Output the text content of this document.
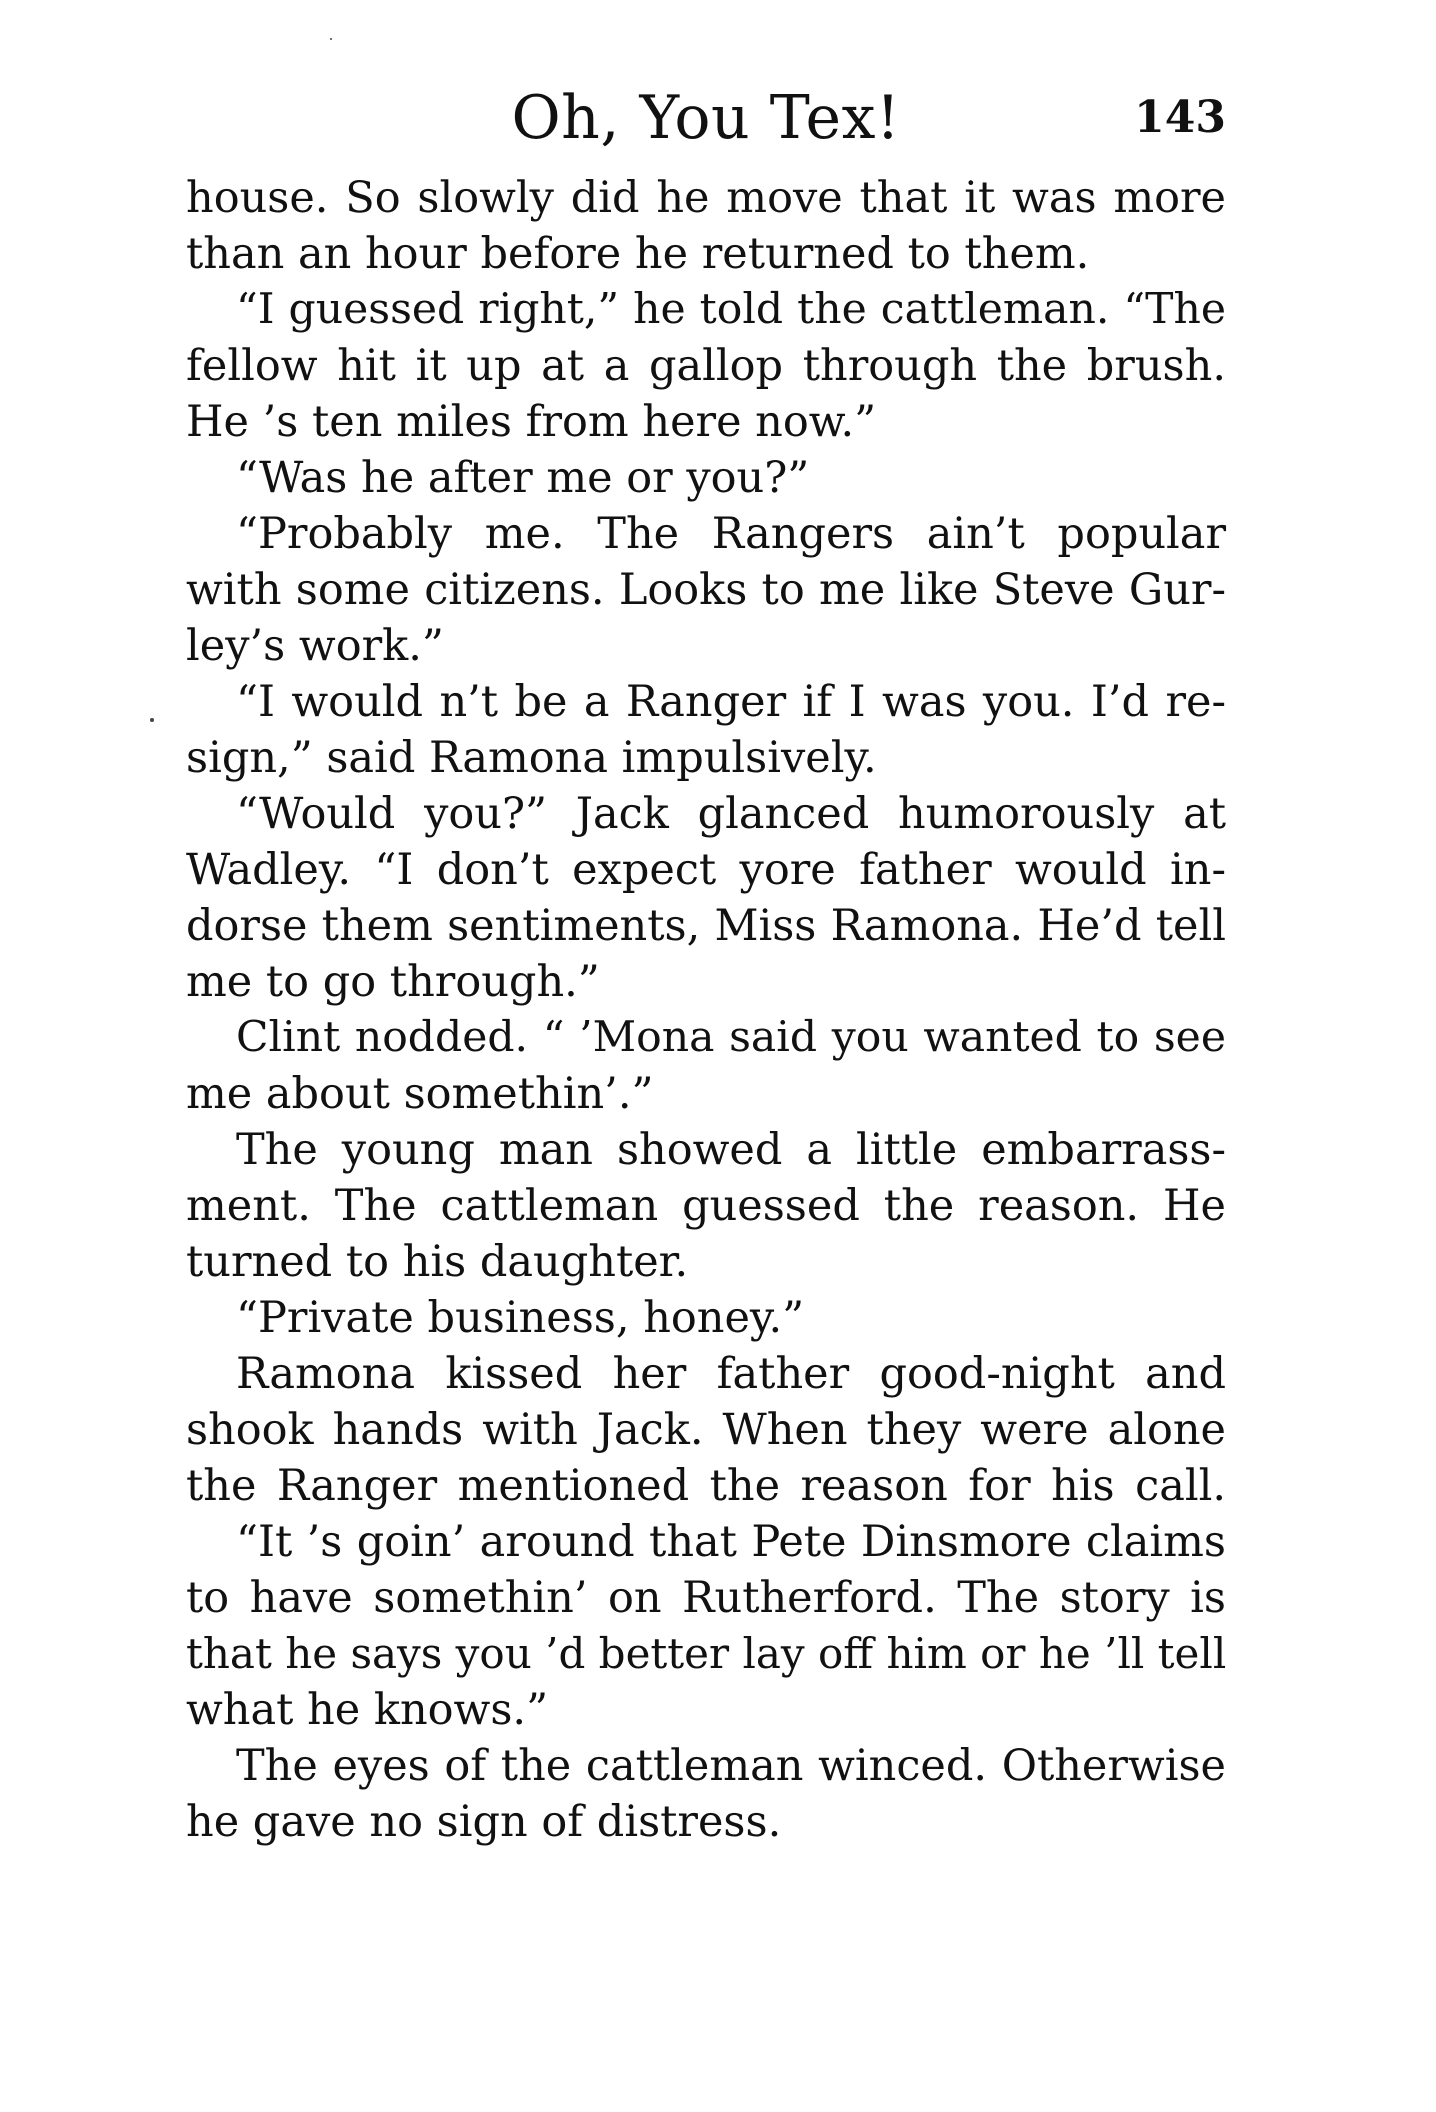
Oh, You Tex!	143
house. So slowly did he move that it was more
than an hour before he returned to them.
“I guessed right,” he told the cattleman. “The
fellow hit it up at a gallop through the brush.
He ’s ten miles from here now.”
“Was he after me or you?”
“Probably me. The Rangers ain’t popular
with some citizens. Looks to me like Steve Gur-
ley’s work.”
“I would n’t be a Ranger if I was you. I’d re-
sign,” said Ramona impulsively.
“Would you?” Jack glanced humorously at
Wadley. “I don’t expect yore father would in-
dorse them sentiments, Miss Ramona. He’d tell
me to go through.”
Clint nodded. “ ’Mona said you wanted to see
me about somethin’.”
The young man showed a little embarrass-
ment. The cattleman guessed the reason. He
turned to his daughter.
“Private business, honey.”
Ramona kissed her father good-night and
shook hands with Jack. When they were alone
the Ranger mentioned the reason for his call.
“It ’s goin’ around that Pete Dinsmore claims
to have somethin’ on Rutherford. The story is
that he says you ’d better lay off him or he ’ll tell
what he knows.”
The eyes of the cattleman winced. Otherwise
he gave no sign of distress.
